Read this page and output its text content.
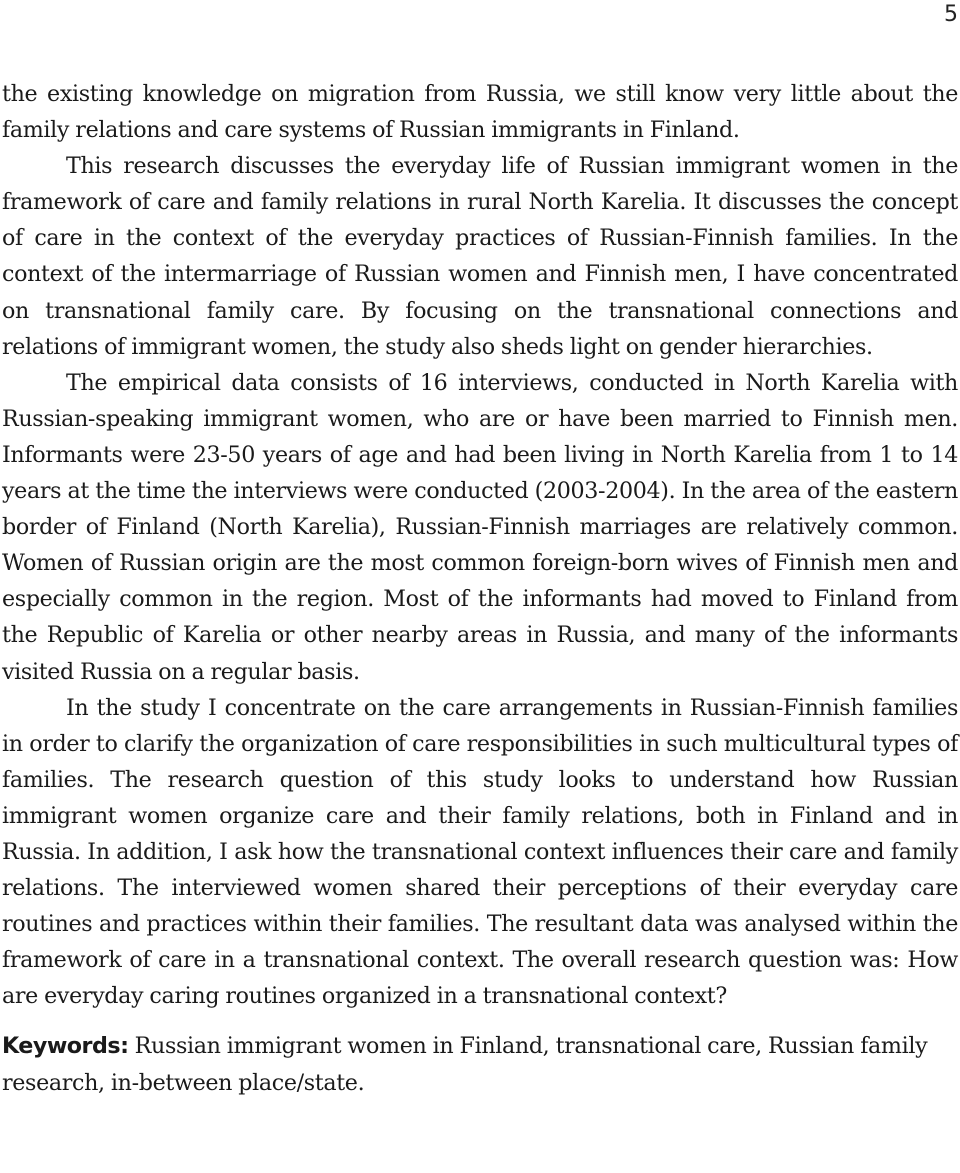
5

the existing knowledge on migration from Russia, we still know very little about the family relations and care systems of Russian immigrants in Finland.

This research discusses the everyday life of Russian immigrant women in the framework of care and family relations in rural North Karelia. It discusses the concept of care in the context of the everyday practices of Russian-Finnish families. In the context of the intermarriage of Russian women and Finnish men, I have concentrated on transnational family care. By focusing on the transnational connections and relations of immigrant women, the study also sheds light on gender hierarchies.

The empirical data consists of 16 interviews, conducted in North Karelia with Russian-speaking immigrant women, who are or have been married to Finnish men. Informants were 23-50 years of age and had been living in North Karelia from 1 to 14 years at the time the interviews were conducted (2003-2004). In the area of the eastern border of Finland (North Karelia), Russian-Finnish marriages are relatively common. Women of Russian origin are the most common foreign-born wives of Finnish men and especially common in the region. Most of the informants had moved to Finland from the Republic of Karelia or other nearby areas in Russia, and many of the informants visited Russia on a regular basis.

In the study I concentrate on the care arrangements in Russian-Finnish families in order to clarify the organization of care responsibilities in such multicultural types of families. The research question of this study looks to understand how Russian immigrant women organize care and their family relations, both in Finland and in Russia. In addition, I ask how the transnational context influences their care and family relations. The interviewed women shared their perceptions of their everyday care routines and practices within their families. The resultant data was analysed within the framework of care in a transnational context. The overall research question was: How are everyday caring routines organized in a transnational context?

Keywords: Russian immigrant women in Finland, transnational care, Russian family research, in-between place/state.
